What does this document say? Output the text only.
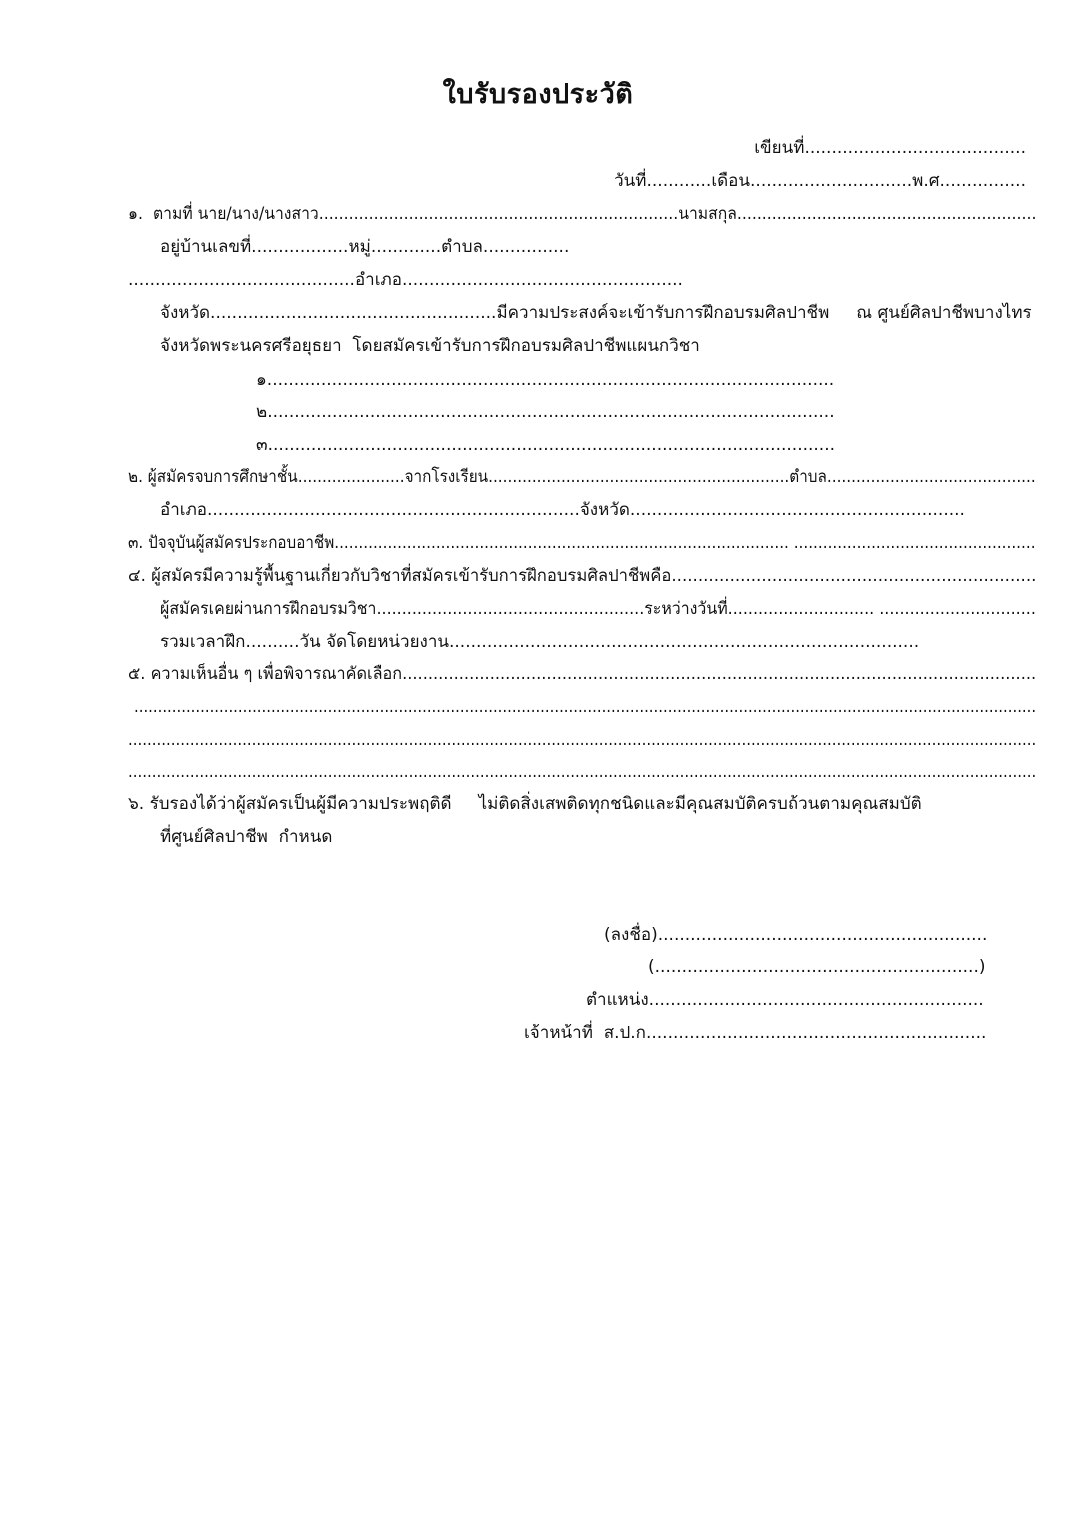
ใบรับรองประวัติ
เขียนที่.........................................
วันที่............เดือน..............................พ.ศ................
๑.  ตามที่ นาย/นาง/นางสาว........................................................................นามสกุล............................................................
อยู่บ้านเลขที่..................หมู่.............ตำบล................
..........................................อำเภอ....................................................
จังหวัด.....................................................มีความประสงค์จะเข้ารับการฝึกอบรมศิลปาชีพ     ณ ศูนย์ศิลปาชีพบางไทร
จังหวัดพระนครศรีอยุธยา  โดยสมัครเข้ารับการฝึกอบรมศิลปาชีพแผนกวิชา
๑.........................................................................................................
๒.........................................................................................................
๓.........................................................................................................
๒. ผู้สมัครจบการศึกษาชั้น......................จากโรงเรียน..............................................................ตำบล...........................................
อำเภอ.....................................................................จังหวัด..............................................................
๓. ปัจจุบันผู้สมัครประกอบอาชีพ.............................................................................................. ..................................................
๔. ผู้สมัครมีความรู้พื้นฐานเกี่ยวกับวิชาที่สมัครเข้ารับการฝึกอบรมศิลปาชีพคือ.....................................................................
ผู้สมัครเคยผ่านการฝึกอบรมวิชา.....................................................ระหว่างวันที่............................. ...............................
รวมเวลาฝึก..........วัน จัดโดยหน่วยงาน.......................................................................................
๕. ความเห็นอื่น ๆ เพื่อพิจารณาคัดเลือก...........................................................................................................................
...............................................................................................................................................................................................
...............................................................................................................................................................................................
...............................................................................................................................................................................................
๖. รับรองได้ว่าผู้สมัครเป็นผู้มีความประพฤติดี     ไม่ติดสิ่งเสพติดทุกชนิดและมีคุณสมบัติครบถ้วนตามคุณสมบัติ
ที่ศูนย์ศิลปาชีพ  กำหนด
(ลงชื่อ).............................................................
(............................................................)
ตำแหน่ง..............................................................
เจ้าหน้าที่  ส.ป.ก...............................................................
